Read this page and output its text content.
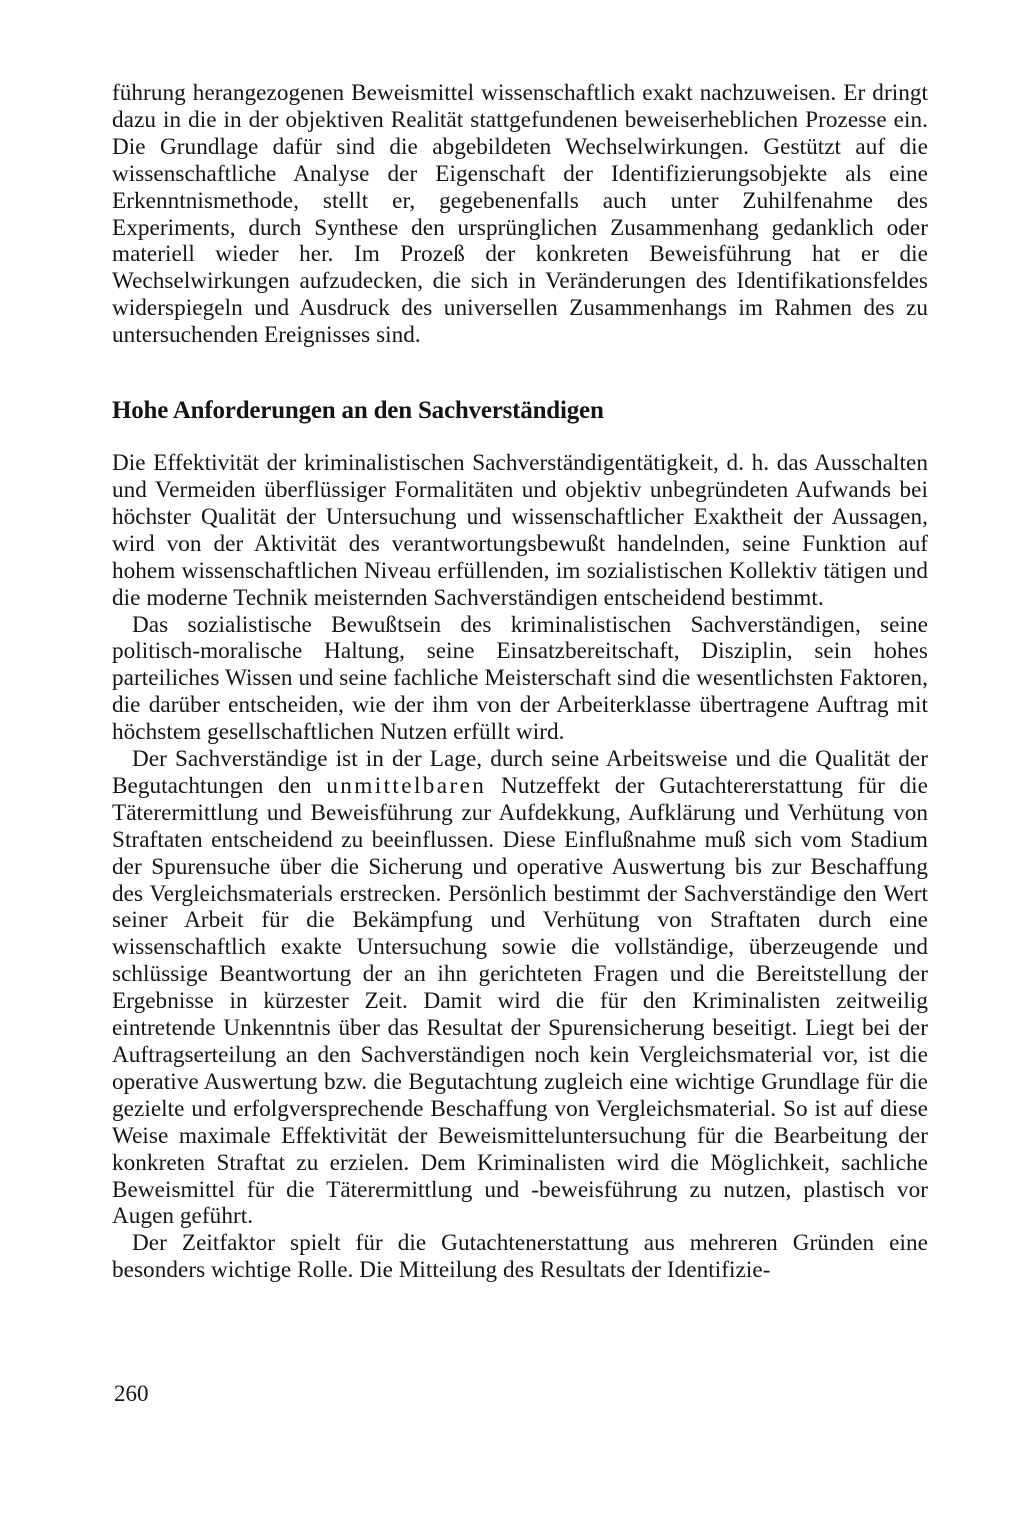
führung herangezogenen Beweismittel wissenschaftlich exakt nachzuweisen. Er dringt dazu in die in der objektiven Realität stattgefundenen beweiserheblichen Prozesse ein. Die Grundlage dafür sind die abgebildeten Wechselwirkungen. Gestützt auf die wissenschaftliche Analyse der Eigenschaft der Identifizierungsobjekte als eine Erkenntnismethode, stellt er, gegebenenfalls auch unter Zuhilfenahme des Experiments, durch Synthese den ursprünglichen Zusammenhang gedanklich oder materiell wieder her. Im Prozeß der konkreten Beweisführung hat er die Wechselwirkungen aufzudecken, die sich in Veränderungen des Identifikationsfeldes widerspiegeln und Ausdruck des universellen Zusammenhangs im Rahmen des zu untersuchenden Ereignisses sind.

Hohe Anforderungen an den Sachverständigen

Die Effektivität der kriminalistischen Sachverständigentätigkeit, d. h. das Ausschalten und Vermeiden überflüssiger Formalitäten und objektiv unbegründeten Aufwands bei höchster Qualität der Untersuchung und wissenschaftlicher Exaktheit der Aussagen, wird von der Aktivität des verantwortungsbewußt handelnden, seine Funktion auf hohem wissenschaftlichen Niveau erfüllenden, im sozialistischen Kollektiv tätigen und die moderne Technik meisternden Sachverständigen entscheidend bestimmt.

Das sozialistische Bewußtsein des kriminalistischen Sachverständigen, seine politisch-moralische Haltung, seine Einsatzbereitschaft, Disziplin, sein hohes parteiliches Wissen und seine fachliche Meisterschaft sind die wesentlichsten Faktoren, die darüber entscheiden, wie der ihm von der Arbeiterklasse übertragene Auftrag mit höchstem gesellschaftlichen Nutzen erfüllt wird.

Der Sachverständige ist in der Lage, durch seine Arbeitsweise und die Qualität der Begutachtungen den unmittelbaren Nutzeffekt der Gutachtererstattung für die Täterermittlung und Beweisführung zur Aufdekkung, Aufklärung und Verhütung von Straftaten entscheidend zu beeinflussen. Diese Einflußnahme muß sich vom Stadium der Spurensuche über die Sicherung und operative Auswertung bis zur Beschaffung des Vergleichsmaterials erstrecken. Persönlich bestimmt der Sachverständige den Wert seiner Arbeit für die Bekämpfung und Verhütung von Straftaten durch eine wissenschaftlich exakte Untersuchung sowie die vollständige, überzeugende und schlüssige Beantwortung der an ihn gerichteten Fragen und die Bereitstellung der Ergebnisse in kürzester Zeit. Damit wird die für den Kriminalisten zeitweilig eintretende Unkenntnis über das Resultat der Spurensicherung beseitigt. Liegt bei der Auftragserteilung an den Sachverständigen noch kein Vergleichsmaterial vor, ist die operative Auswertung bzw. die Begutachtung zugleich eine wichtige Grundlage für die gezielte und erfolgversprechende Beschaffung von Vergleichsmaterial. So ist auf diese Weise maximale Effektivität der Beweismitteluntersuchung für die Bearbeitung der konkreten Straftat zu erzielen. Dem Kriminalisten wird die Möglichkeit, sachliche Beweismittel für die Täterermittlung und -beweisführung zu nutzen, plastisch vor Augen geführt.

Der Zeitfaktor spielt für die Gutachtenerstattung aus mehreren Gründen eine besonders wichtige Rolle. Die Mitteilung des Resultats der Identifizie-

260
